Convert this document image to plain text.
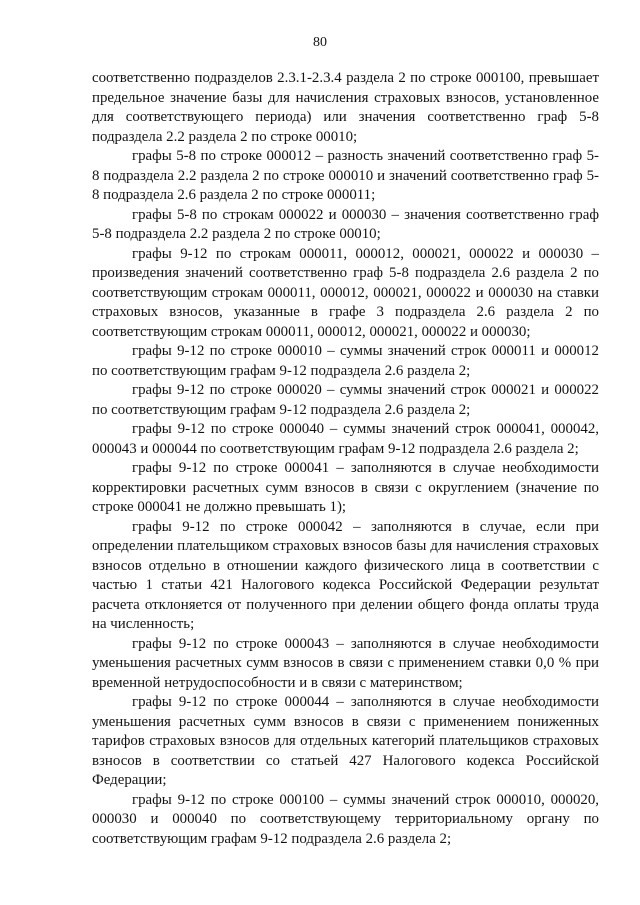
80

соответственно подразделов 2.3.1-2.3.4 раздела 2 по строке 000100, превышает предельное значение базы для начисления страховых взносов, установленное для соответствующего периода) или значения соответственно граф 5-8 подраздела 2.2 раздела 2 по строке 00010;

графы 5-8 по строке 000012 – разность значений соответственно граф 5-8 подраздела 2.2 раздела 2 по строке 000010 и значений соответственно граф 5-8 подраздела 2.6 раздела 2 по строке 000011;

графы 5-8 по строкам 000022 и 000030 – значения соответственно граф 5-8 подраздела 2.2 раздела 2 по строке 00010;

графы 9-12 по строкам 000011, 000012, 000021, 000022 и 000030 – произведения значений соответственно граф 5-8 подраздела 2.6 раздела 2 по соответствующим строкам 000011, 000012, 000021, 000022 и 000030 на ставки страховых взносов, указанные в графе 3 подраздела 2.6 раздела 2 по соответствующим строкам 000011, 000012, 000021, 000022 и 000030;

графы 9-12 по строке 000010 – суммы значений строк 000011 и 000012 по соответствующим графам 9-12 подраздела 2.6 раздела 2;

графы 9-12 по строке 000020 – суммы значений строк 000021 и 000022 по соответствующим графам 9-12 подраздела 2.6 раздела 2;

графы 9-12 по строке 000040 – суммы значений строк 000041, 000042, 000043 и 000044 по соответствующим графам 9-12 подраздела 2.6 раздела 2;

графы 9-12 по строке 000041 – заполняются в случае необходимости корректировки расчетных сумм взносов в связи с округлением (значение по строке 000041 не должно превышать 1);

графы 9-12 по строке 000042 – заполняются в случае, если при определении плательщиком страховых взносов базы для начисления страховых взносов отдельно в отношении каждого физического лица в соответствии с частью 1 статьи 421 Налогового кодекса Российской Федерации результат расчета отклоняется от полученного при делении общего фонда оплаты труда на численность;

графы 9-12 по строке 000043 – заполняются в случае необходимости уменьшения расчетных сумм взносов в связи с применением ставки 0,0 % при временной нетрудоспособности и в связи с материнством;

графы 9-12 по строке 000044 – заполняются в случае необходимости уменьшения расчетных сумм взносов в связи с применением пониженных тарифов страховых взносов для отдельных категорий плательщиков страховых взносов в соответствии со статьей 427 Налогового кодекса Российской Федерации;

графы 9-12 по строке 000100 – суммы значений строк 000010, 000020, 000030 и 000040 по соответствующему территориальному органу по соответствующим графам 9-12 подраздела 2.6 раздела 2;
